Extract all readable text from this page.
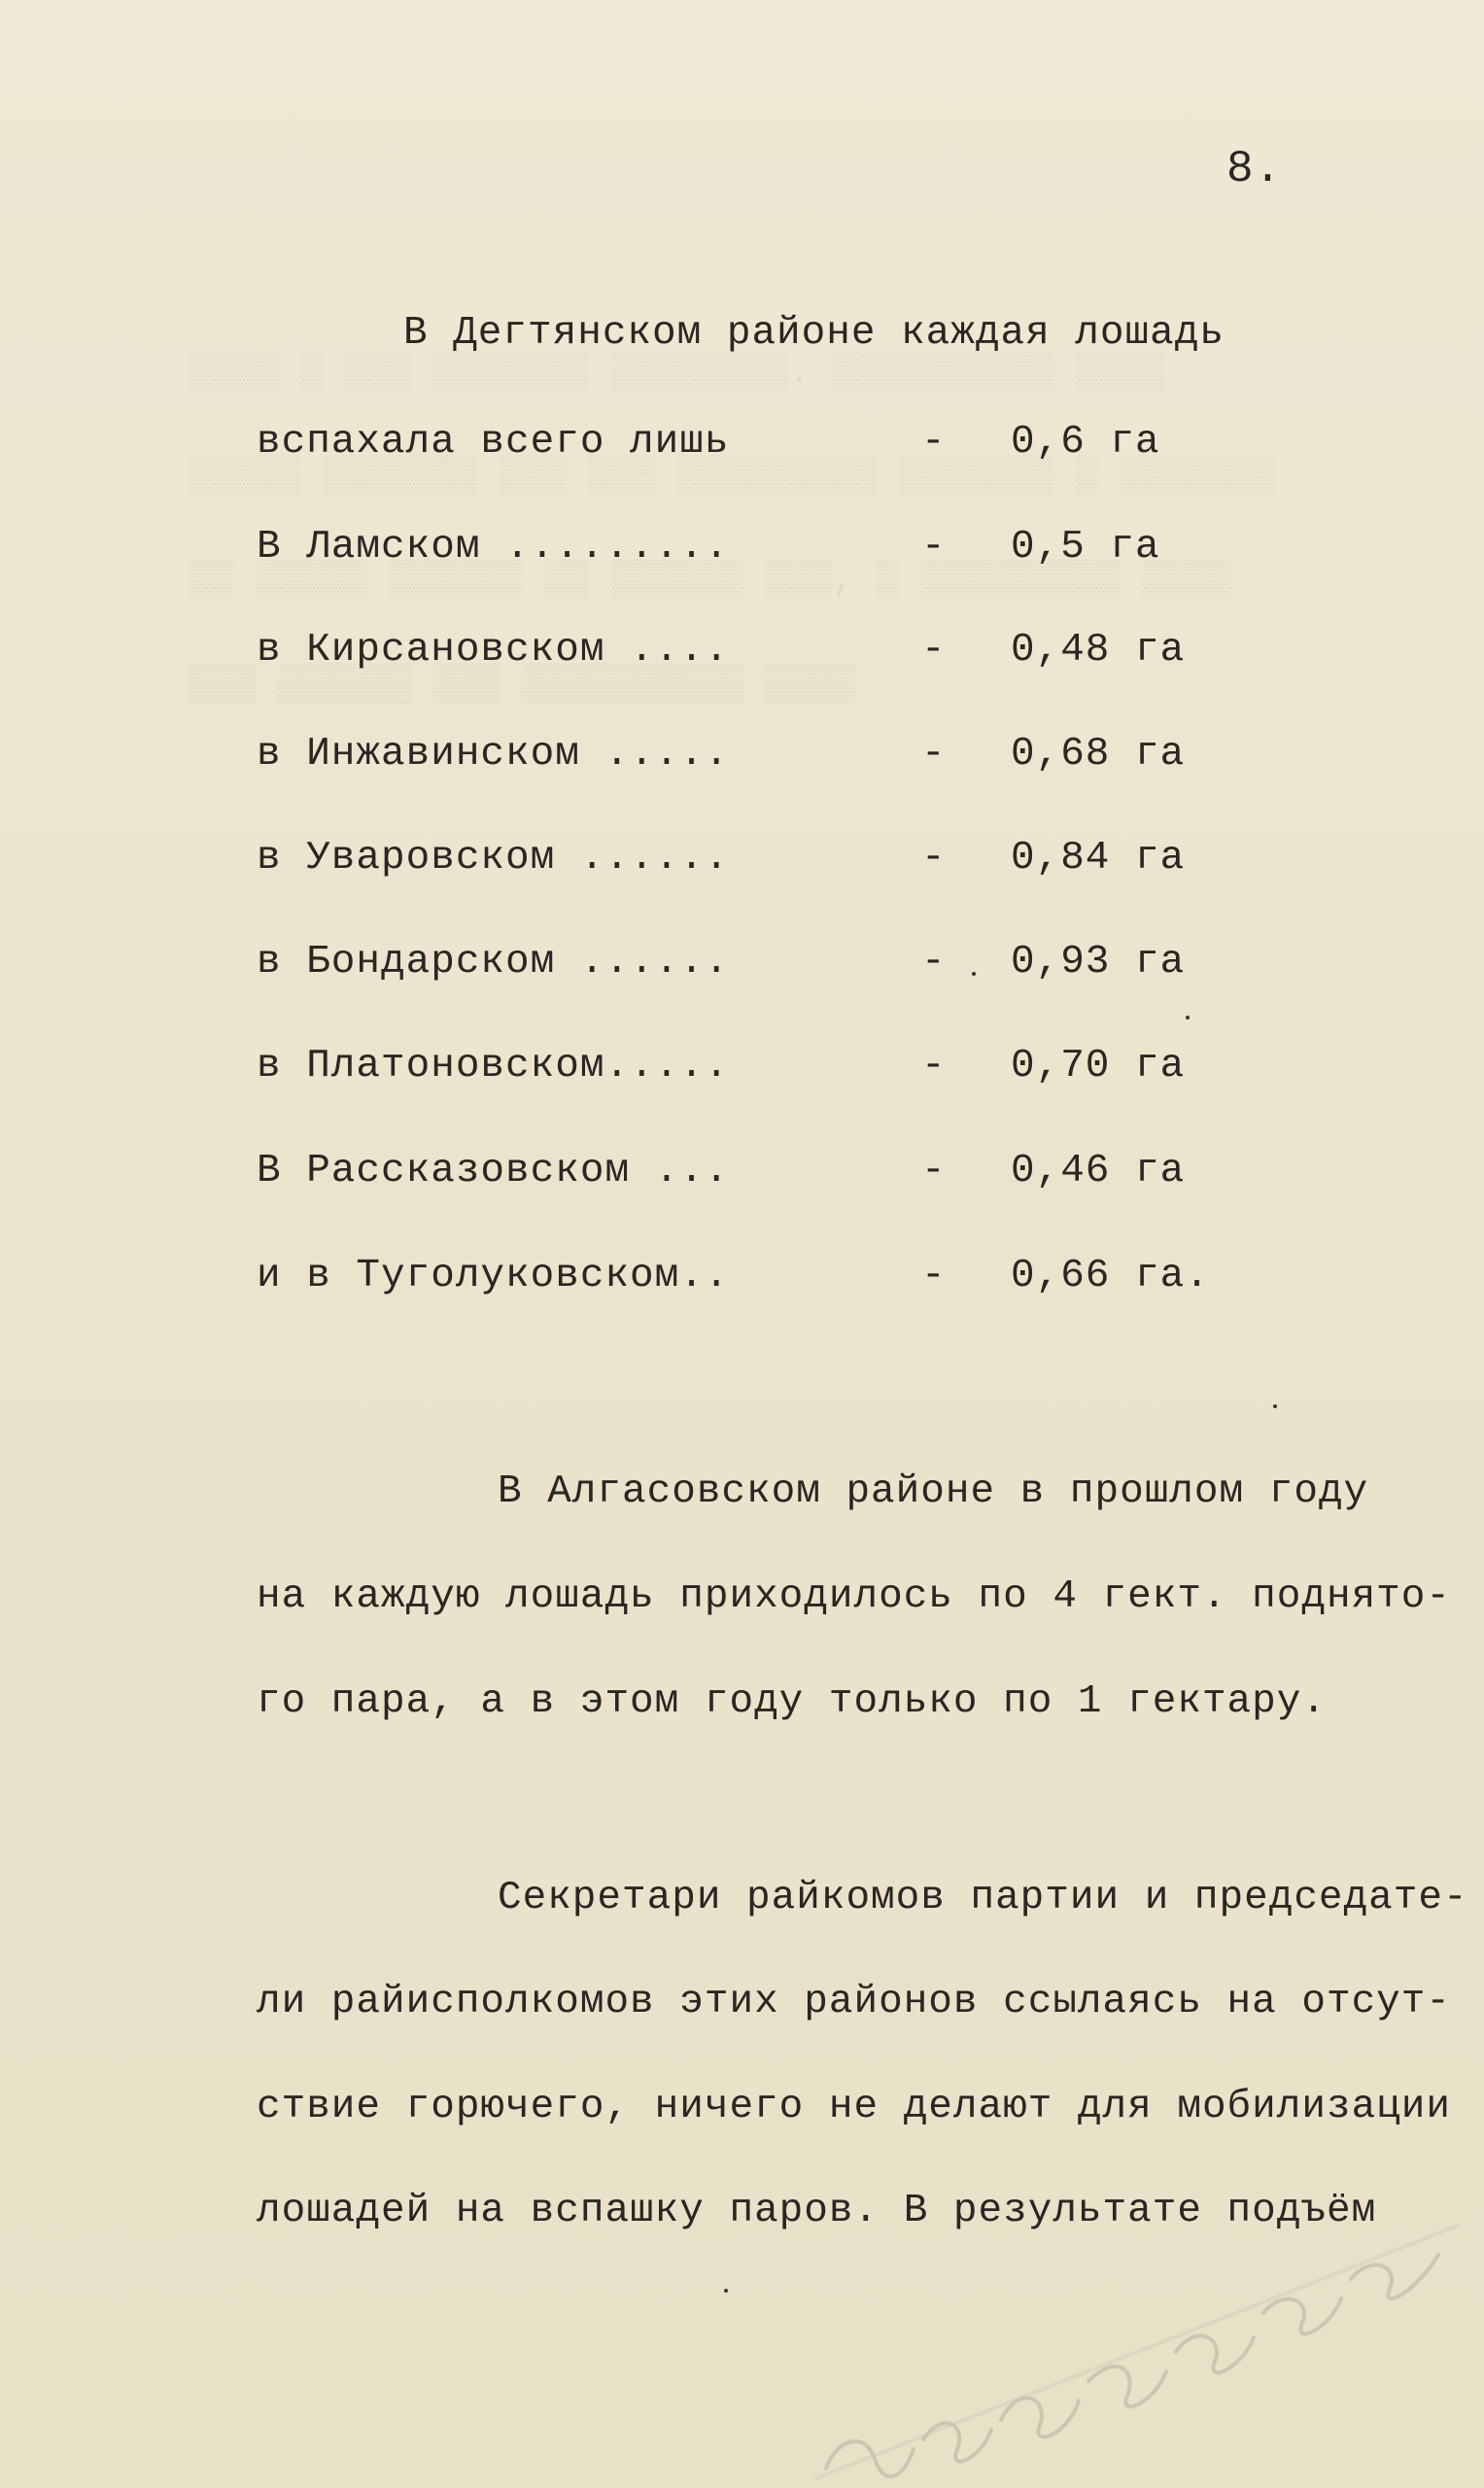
▒▒▒▒ ▒ ▒▒▒ ▒▒▒▒▒▒▒ ▒▒▒▒▒▒▒▒. ▒▒▒▒▒▒▒▒▒▒ ▒▒▒▒
▒▒▒▒▒ ▒▒▒▒▒▒▒ ▒▒▒ ▒▒▒ ▒▒▒▒▒▒▒▒▒ ▒▒▒▒▒▒▒ ▒ ▒▒▒▒▒▒▒
▒▒ ▒▒▒▒▒ ▒▒▒▒▒▒ ▒▒ ▒▒▒▒▒▒ ▒▒▒, ▒ ▒▒▒▒▒▒▒▒▒ ▒▒▒▒
▒▒▒ ▒▒▒▒▒▒ ▒▒▒ ▒▒▒▒▒▒▒▒▒▒ ▒▒▒▒
8.
В Дегтянском районе каждая лошадь
вспахала всего лишь	- 0,6 га
В Ламском .........	- 0,5 га
в Кирсановском ....	- 0,48 га
в Инжавинском .....	- 0,68 га
в Уваровском ......	- 0,84 га
в Бондарском ......	- 0,93 га
в Платоновском.....	- 0,70 га
В Рассказовском ...	- 0,46 га
и в Туголуковском..	- 0,66 га.
В Алгасовском районе в прошлом году
на каждую лошадь приходилось по 4 гект. поднято-
го пара, а в этом году только по 1 гектару.
Секретари райкомов партии и председате-
ли райисполкомов этих районов ссылаясь на отсут-
ствие горючего, ничего не делают для мобилизации
лошадей на вспашку паров. В результате подъём
